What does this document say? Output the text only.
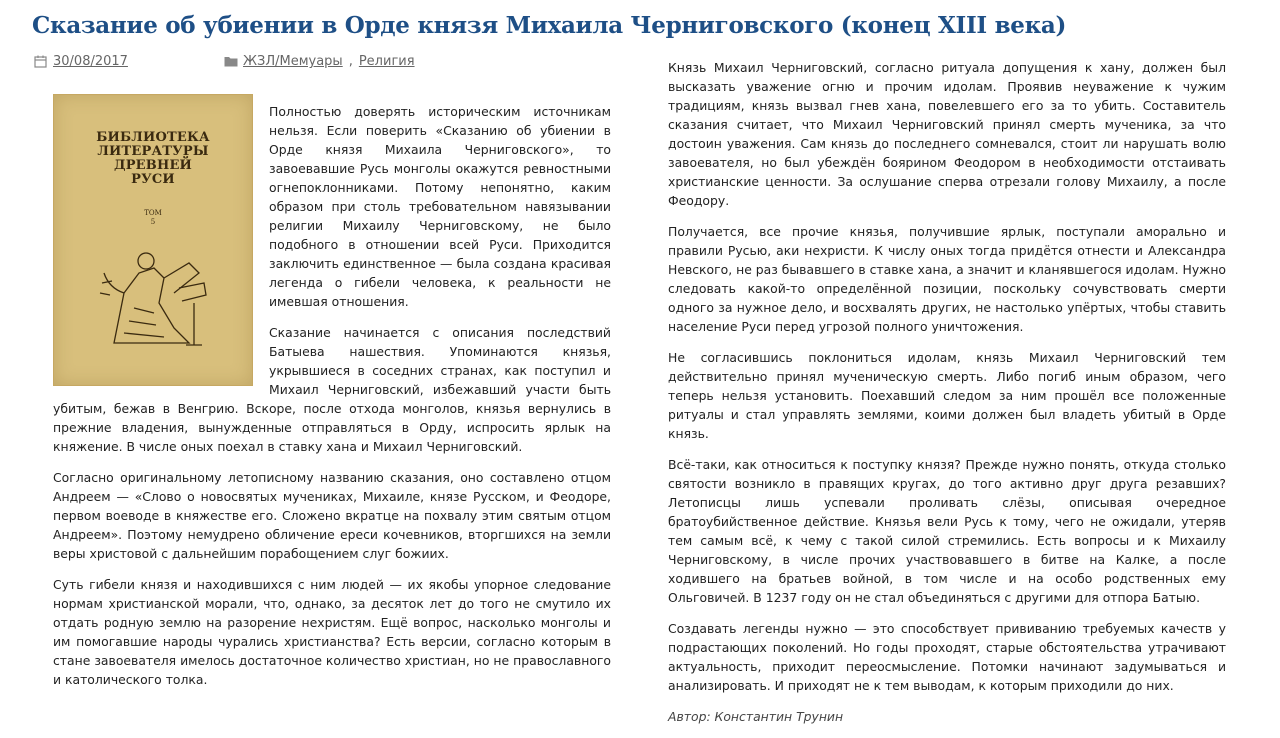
Сказание об убиении в Орде князя Михаила Черниговского (конец XIII века)
30/08/2017	ЖЗЛ/Мемуары , Религия
БИБЛИОТЕКА
ЛИТЕРАТУРЫ
ДРЕВНЕЙ
РУСИ
ТОМ
5

Полностью доверять историческим источникам нельзя. Если поверить «Сказанию об убиении в Орде князя Михаила Черниговского», то завоевавшие Русь монголы окажутся ревностными огнепоклонниками. Потому непонятно, каким образом при столь требовательном навязывании религии Михаилу Черниговскому, не было подобного в отношении всей Руси. Приходится заключить единственное — была создана красивая легенда о гибели человека, к реальности не имевшая отношения.

Сказание начинается с описания последствий Батыева нашествия. Упоминаются князья, укрывшиеся в соседних странах, как поступил и Михаил Черниговский, избежавший участи быть убитым, бежав в Венгрию. Вскоре, после отхода монголов, князья вернулись в прежние владения, вынужденные отправляться в Орду, испросить ярлык на княжение. В числе оных поехал в ставку хана и Михаил Черниговский.

Согласно оригинальному летописному названию сказания, оно составлено отцом Андреем — «Слово о новосвятых мучениках, Михаиле, князе Русском, и Феодоре, первом воеводе в княжестве его. Сложено вкратце на похвалу этим святым отцом Андреем». Поэтому немудрено обличение ереси кочевников, вторгшихся на земли веры христовой с дальнейшим порабощением слуг божиих.

Суть гибели князя и находившихся с ним людей — их якобы упорное следование нормам христианской морали, что, однако, за десяток лет до того не смутило их отдать родную землю на разорение нехристям. Ещё вопрос, насколько монголы и им помогавшие народы чурались христианства? Есть версии, согласно которым в стане завоевателя имелось достаточное количество христиан, но не православного и католического толка.

Князь Михаил Черниговский, согласно ритуала допущения к хану, должен был высказать уважение огню и прочим идолам. Проявив неуважение к чужим традициям, князь вызвал гнев хана, повелевшего его за то убить. Составитель сказания считает, что Михаил Черниговский принял смерть мученика, за что достоин уважения. Сам князь до последнего сомневался, стоит ли нарушать волю завоевателя, но был убеждён боярином Феодором в необходимости отстаивать христианские ценности. За ослушание сперва отрезали голову Михаилу, а после Феодору.

Получается, все прочие князья, получившие ярлык, поступали аморально и правили Русью, аки нехристи. К числу оных тогда придётся отнести и Александра Невского, не раз бывавшего в ставке хана, а значит и кланявшегося идолам. Нужно следовать какой-то определённой позиции, поскольку сочувствовать смерти одного за нужное дело, и восхвалять других, не настолько упёртых, чтобы ставить население Руси перед угрозой полного уничтожения.

Не согласившись поклониться идолам, князь Михаил Черниговский тем действительно принял мученическую смерть. Либо погиб иным образом, чего теперь нельзя установить. Поехавший следом за ним прошёл все положенные ритуалы и стал управлять землями, коими должен был владеть убитый в Орде князь.

Всё-таки, как относиться к поступку князя? Прежде нужно понять, откуда столько святости возникло в правящих кругах, до того активно друг друга резавших? Летописцы лишь успевали проливать слёзы, описывая очередное братоубийственное действие. Князья вели Русь к тому, чего не ожидали, утеряв тем самым всё, к чему с такой силой стремились. Есть вопросы и к Михаилу Черниговскому, в числе прочих участвовавшего в битве на Калке, а после ходившего на братьев войной, в том числе и на особо родственных ему Ольговичей. В 1237 году он не стал объединяться с другими для отпора Батыю.

Создавать легенды нужно — это способствует прививанию требуемых качеств у подрастающих поколений. Но годы проходят, старые обстоятельства утрачивают актуальность, приходит переосмысление. Потомки начинают задумываться и анализировать. И приходят не к тем выводам, к которым приходили до них.

Автор: Константин Трунин
